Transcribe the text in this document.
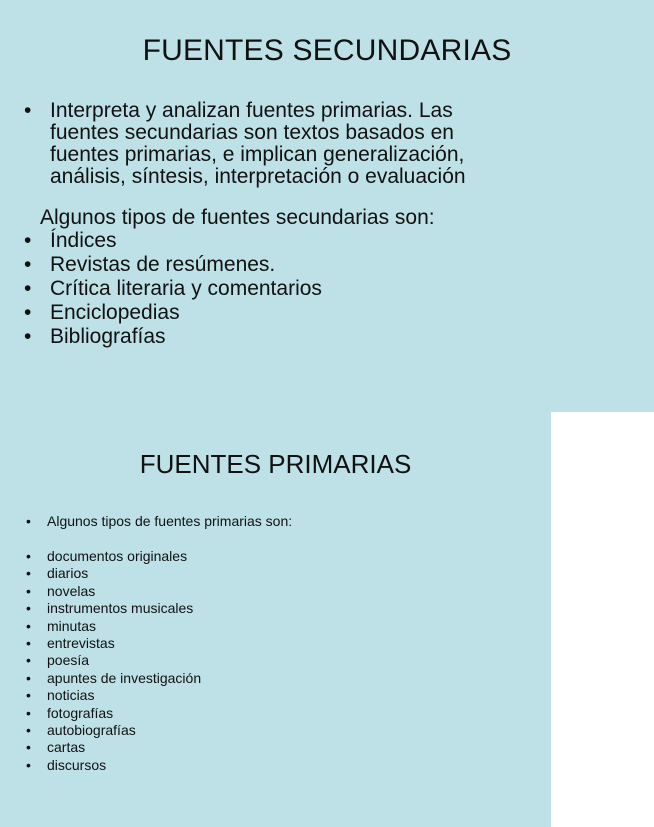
FUENTES SECUNDARIAS
• Interpreta y analizan fuentes primarias. Las
fuentes secundarias son textos basados en
fuentes primarias, e implican generalización,
análisis, síntesis, interpretación o evaluación

Algunos tipos de fuentes secundarias son:

• Índices
• Revistas de resúmenes.
• Crítica literaria y comentarios
• Enciclopedias
• Bibliografías
FUENTES PRIMARIAS

• Algunos tipos de fuentes primarias son:

• documentos originales
• diarios
• novelas
• instrumentos musicales
• minutas
• entrevistas
• poesía
• apuntes de investigación
• noticias
• fotografías
• autobiografías
• cartas
• discursos
